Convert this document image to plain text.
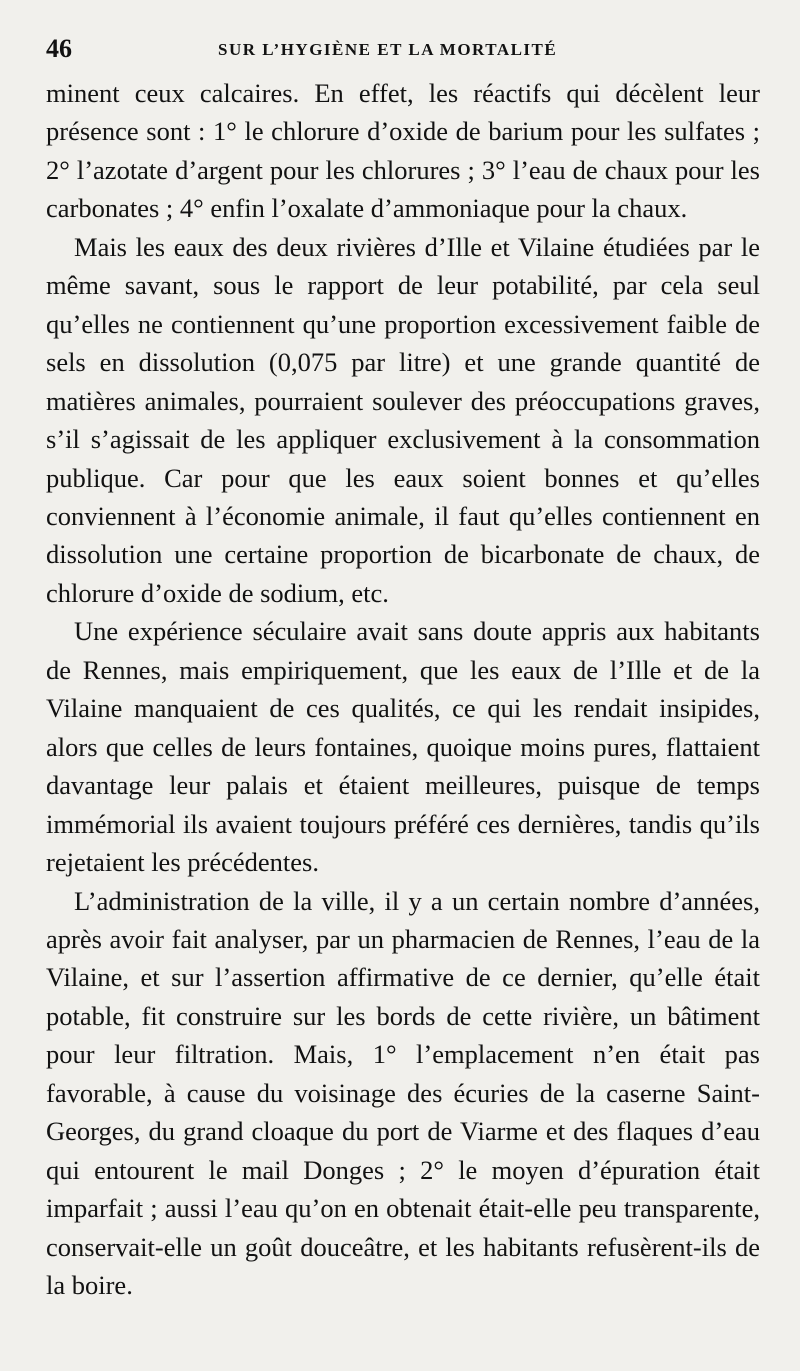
46	SUR L’HYGIÈNE ET LA MORTALITÉ

minent ceux calcaires. En effet, les réactifs qui décèlent leur présence sont : 1° le chlorure d’oxide de barium pour les sulfates ; 2° l’azotate d’argent pour les chlorures ; 3° l’eau de chaux pour les carbonates ; 4° enfin l’oxalate d’ammoniaque pour la chaux.

Mais les eaux des deux rivières d’Ille et Vilaine étudiées par le même savant, sous le rapport de leur potabilité, par cela seul qu’elles ne contiennent qu’une proportion excessivement faible de sels en dissolution (0,075 par litre) et une grande quantité de matières animales, pourraient soulever des préoccupations graves, s’il s’agissait de les appliquer exclusivement à la consommation publique. Car pour que les eaux soient bonnes et qu’elles conviennent à l’économie animale, il faut qu’elles contiennent en dissolution une certaine proportion de bicarbonate de chaux, de chlorure d’oxide de sodium, etc.

Une expérience séculaire avait sans doute appris aux habitants de Rennes, mais empiriquement, que les eaux de l’Ille et de la Vilaine manquaient de ces qualités, ce qui les rendait insipides, alors que celles de leurs fontaines, quoique moins pures, flattaient davantage leur palais et étaient meilleures, puisque de temps immémorial ils avaient toujours préféré ces dernières, tandis qu’ils rejetaient les précédentes.

L’administration de la ville, il y a un certain nombre d’années, après avoir fait analyser, par un pharmacien de Rennes, l’eau de la Vilaine, et sur l’assertion affirmative de ce dernier, qu’elle était potable, fit construire sur les bords de cette rivière, un bâtiment pour leur filtration. Mais, 1° l’emplacement n’en était pas favorable, à cause du voisinage des écuries de la caserne Saint-Georges, du grand cloaque du port de Viarme et des flaques d’eau qui entourent le mail Donges ; 2° le moyen d’épuration était imparfait ; aussi l’eau qu’on en obtenait était-elle peu transparente, conservait-elle un goût douceâtre, et les habitants refusèrent-ils de la boire.
